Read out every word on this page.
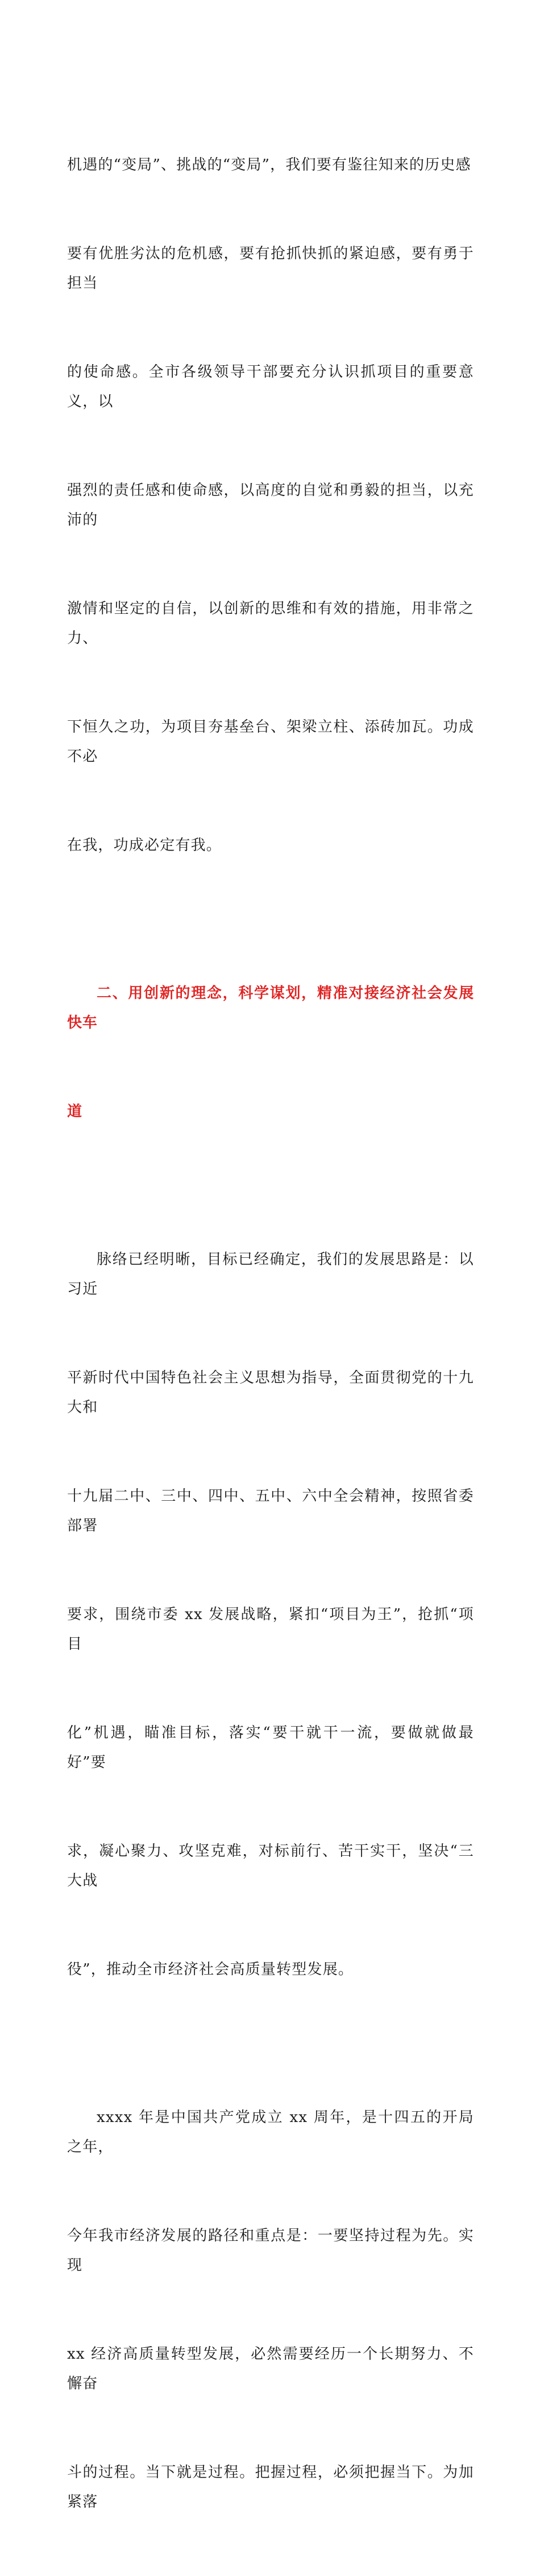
机遇的“变局”、挑战的“变局”，我们要有鉴往知来的历史感

要有优胜劣汰的危机感，要有抢抓快抓的紧迫感，要有勇于担当

的使命感。全市各级领导干部要充分认识抓项目的重要意义，以

强烈的责任感和使命感，以高度的自觉和勇毅的担当，以充沛的

激情和坚定的自信，以创新的思维和有效的措施，用非常之力、

下恒久之功，为项目夯基垒台、架梁立柱、添砖加瓦。功成不必

在我，功成必定有我。

二、用创新的理念，科学谋划，精准对接经济社会发展快车

道

脉络已经明晰，目标已经确定，我们的发展思路是：以习近

平新时代中国特色社会主义思想为指导，全面贯彻党的十九大和

十九届二中、三中、四中、五中、六中全会精神，按照省委部署

要求，围绕市委 xx 发展战略，紧扣“项目为王”，抢抓“项目

化”机遇，瞄准目标，落实“要干就干一流，要做就做最好”要

求，凝心聚力、攻坚克难，对标前行、苦干实干，坚决“三大战

役”，推动全市经济社会高质量转型发展。

xxxx 年是中国共产党成立 xx 周年，是十四五的开局之年，

今年我市经济发展的路径和重点是：一要坚持过程为先。实现

xx 经济高质量转型发展，必然需要经历一个长期努力、不懈奋

斗的过程。当下就是过程。把握过程，必须把握当下。为加紧落
